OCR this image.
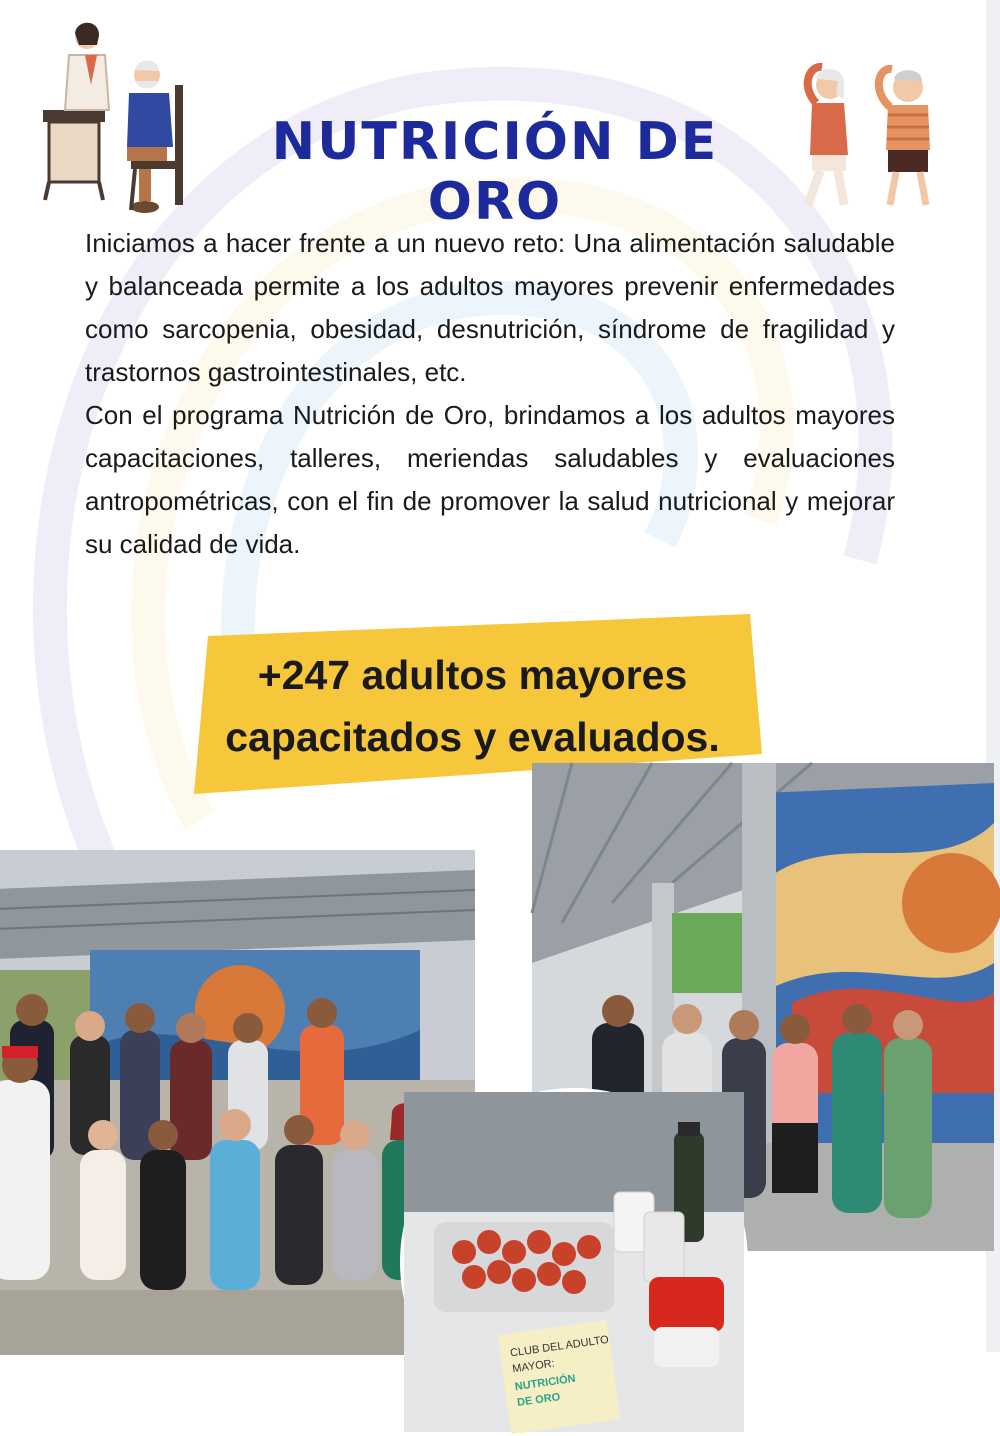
NUTRICIÓN DE ORO

Iniciamos a hacer frente a un nuevo reto: Una alimentación saludable y balanceada permite a los adultos mayores prevenir enfermedades como sarcopenia, obesidad, desnutrición, síndrome de fragilidad y trastornos gastrointestinales, etc.

Con el programa Nutrición de Oro, brindamos a los adultos mayores capacitaciones, talleres, meriendas saludables y evaluaciones antropométricas, con el fin de promover la salud nutricional y mejorar su calidad de vida.

+247 adultos mayores
capacitados y evaluados.
CLUB DEL ADULTO
MAYOR:
NUTRICIÓN
DE ORO
